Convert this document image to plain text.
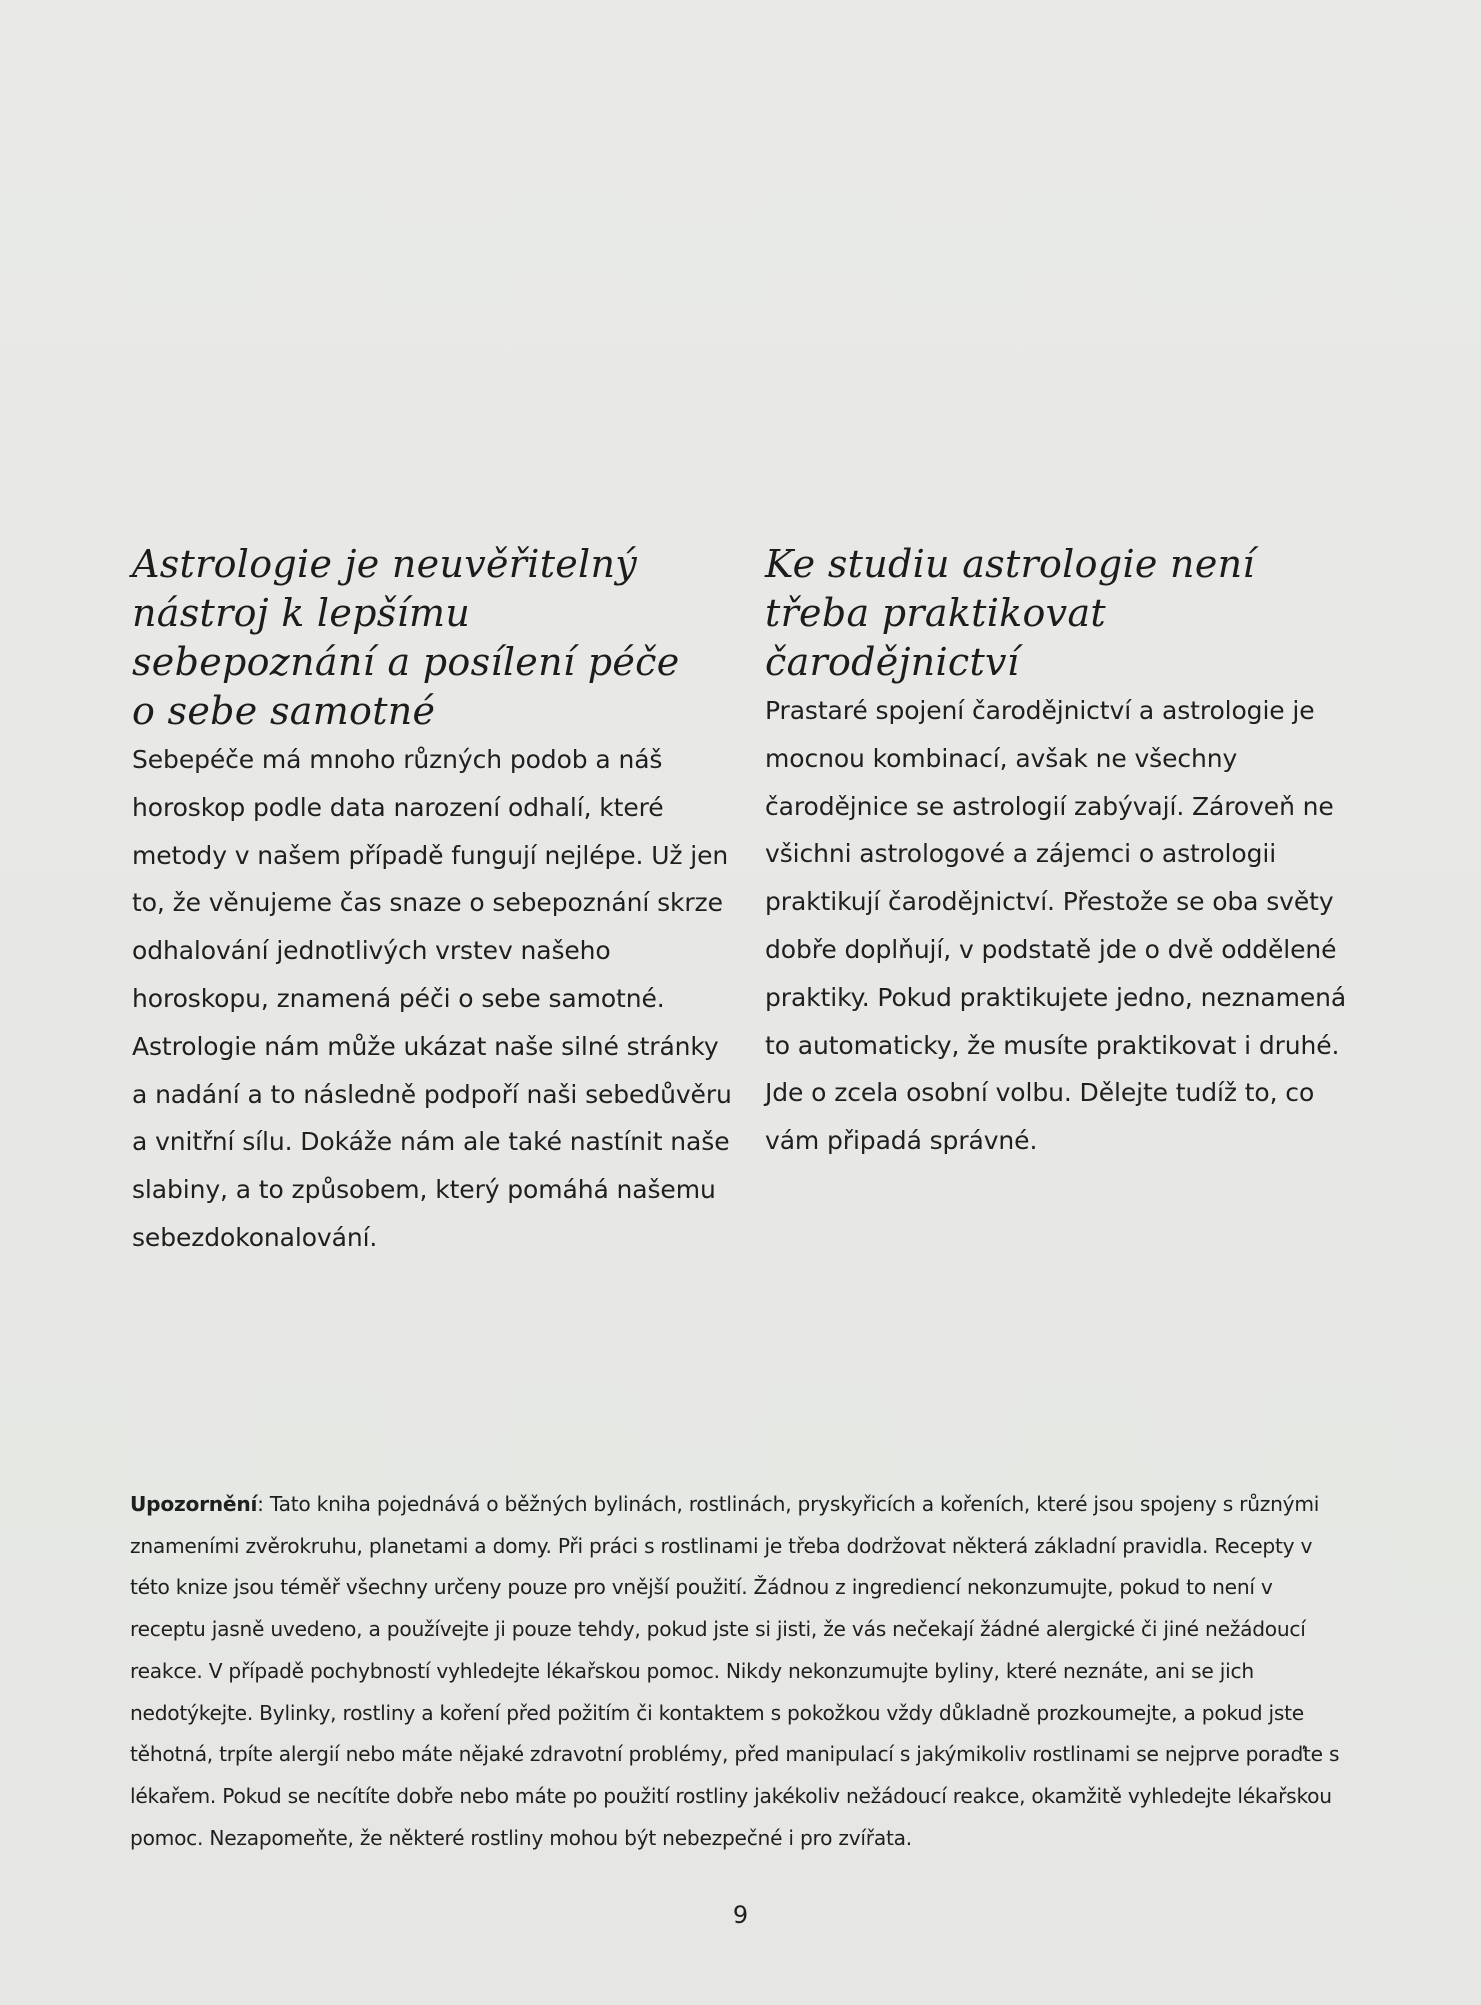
Astrologie je neuvěřitelný nástroj k lepšímu sebepoznání a posílení péče o sebe samotné

Sebepéče má mnoho různých podob a náš horoskop podle data narození odhalí, které metody v našem případě fungují nejlépe. Už jen to, že věnujeme čas snaze o sebepoznání skrze odhalování jednotlivých vrstev našeho horoskopu, znamená péči o sebe samotné. Astrologie nám může ukázat naše silné stránky a nadání a to následně podpoří naši sebedůvěru a vnitřní sílu. Dokáže nám ale také nastínit naše slabiny, a to způsobem, který pomáhá našemu sebezdokonalování.

Ke studiu astrologie není třeba praktikovat čarodějnictví

Prastaré spojení čarodějnictví a astrologie je mocnou kombinací, avšak ne všechny čarodějnice se astrologií zabývají. Zároveň ne všichni astrologové a zájemci o astrologii praktikují čarodějnictví. Přestože se oba světy dobře doplňují, v podstatě jde o dvě oddělené praktiky. Pokud praktikujete jedno, neznamená to automaticky, že musíte praktikovat i druhé. Jde o zcela osobní volbu. Dělejte tudíž to, co vám připadá správné.

Upozornění: Tato kniha pojednává o běžných bylinách, rostlinách, pryskyřicích a kořeních, které jsou spojeny s různými znameními zvěrokruhu, planetami a domy. Při práci s rostlinami je třeba dodržovat některá základní pravidla. Recepty v této knize jsou téměř všechny určeny pouze pro vnější použití. Žádnou z ingrediencí nekonzumujte, pokud to není v receptu jasně uvedeno, a používejte ji pouze tehdy, pokud jste si jisti, že vás nečekají žádné alergické či jiné nežádoucí reakce. V případě pochybností vyhledejte lékařskou pomoc. Nikdy nekonzumujte byliny, které neznáte, ani se jich nedotýkejte. Bylinky, rostliny a koření před požitím či kontaktem s pokožkou vždy důkladně prozkoumejte, a pokud jste těhotná, trpíte alergií nebo máte nějaké zdravotní problémy, před manipulací s jakýmikoliv rostlinami se nejprve poraďte s lékařem. Pokud se necítíte dobře nebo máte po použití rostliny jakékoliv nežádoucí reakce, okamžitě vyhledejte lékařskou pomoc. Nezapomeňte, že některé rostliny mohou být nebezpečné i pro zvířata.

9
